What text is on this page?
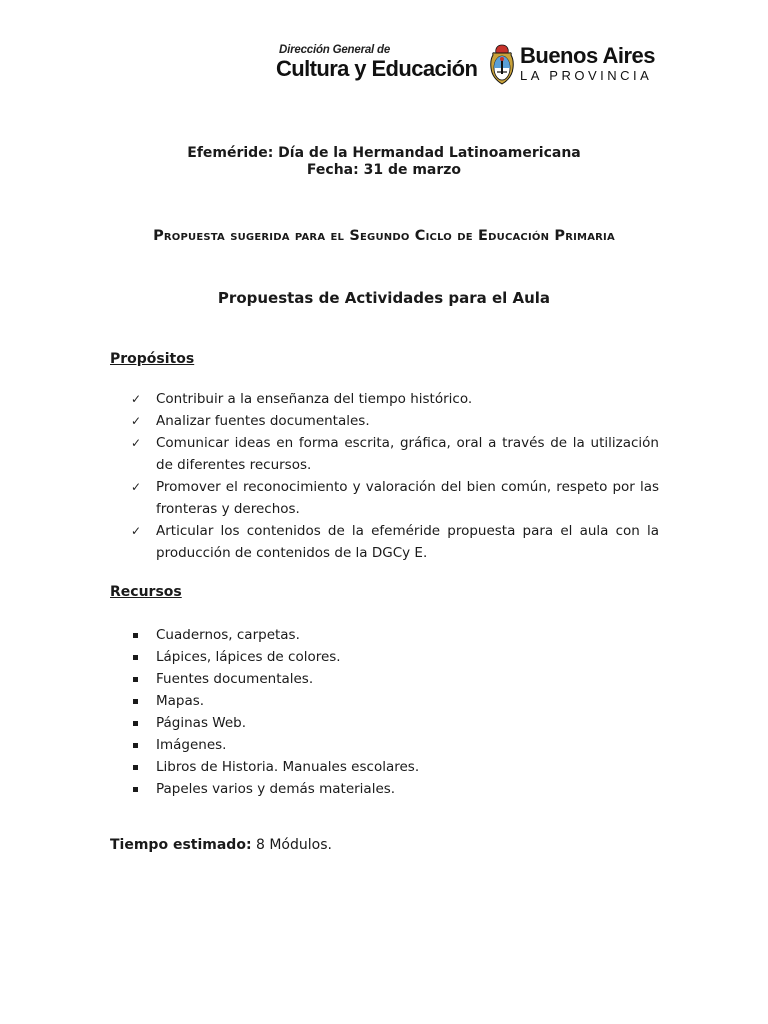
Dirección General de
Cultura y Educación
Buenos Aires
LA PROVINCIA
Efeméride: Día de la Hermandad Latinoamericana
Fecha: 31 de marzo
Propuesta sugerida para el Segundo Ciclo de Educación Primaria
Propuestas de Actividades para el Aula
Propósitos
✓ Contribuir a la enseñanza del tiempo histórico.
✓ Analizar fuentes documentales.
✓ Comunicar ideas en forma escrita, gráfica, oral a través de la utilización de diferentes recursos.
✓ Promover el reconocimiento y valoración del bien común, respeto por las fronteras y derechos.
✓ Articular los contenidos de la efeméride propuesta para el aula con la producción de contenidos de la DGCy E.
Recursos
Cuadernos, carpetas.
Lápices, lápices de colores.
Fuentes documentales.
Mapas.
Páginas Web.
Imágenes.
Libros de Historia. Manuales escolares.
Papeles varios y demás materiales.
Tiempo estimado: 8 Módulos.
